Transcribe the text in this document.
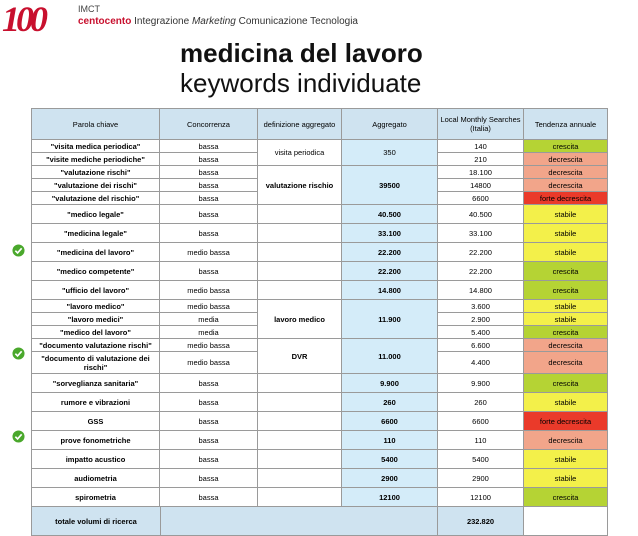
100	IMCT
centocento Integrazione Marketing Comunicazione Tecnologia
medicina del lavoro
keywords individuate
Parola chiave	Concorrenza	definizione aggregato	Aggregato	Local Monthly Searches (Italia)	Tendenza annuale
"visita medica periodica"	bassa	visita periodica	350	140	crescita
"visite mediche periodiche"	bassa			210	decrescita
"valutazione rischi"	bassa	valutazione rischio	39500	18.100	decrescita
"valutazione dei rischi"	bassa			14800	decrescita
"valutazione del rischio"	bassa			6600	forte decrescita
"medico legale"	bassa		40.500	40.500	stabile
"medicina legale"	bassa		33.100	33.100	stabile
"medicina del lavoro"	medio bassa		22.200	22.200	stabile
"medico competente"	bassa		22.200	22.200	crescita
"ufficio del lavoro"	medio bassa		14.800	14.800	crescita
"lavoro medico"	medio bassa	lavoro medico	11.900	3.600	stabile
"lavoro medici"	media			2.900	stabile
"medico del lavoro"	media			5.400	crescita
"documento valutazione rischi"	medio bassa	DVR	11.000	6.600	decrescita
"documento di valutazione dei rischi"	medio bassa			4.400	decrescita
"sorveglianza sanitaria"	bassa		9.900	9.900	crescita
rumore e vibrazioni	bassa		260	260	stabile
GSS	bassa		6600	6600	forte decrescita
prove fonometriche	bassa		110	110	decrescita
impatto acustico	bassa		5400	5400	stabile
audiometria	bassa		2900	2900	stabile
spirometria	bassa		12100	12100	crescita

totale volumi di ricerca				232.820	
